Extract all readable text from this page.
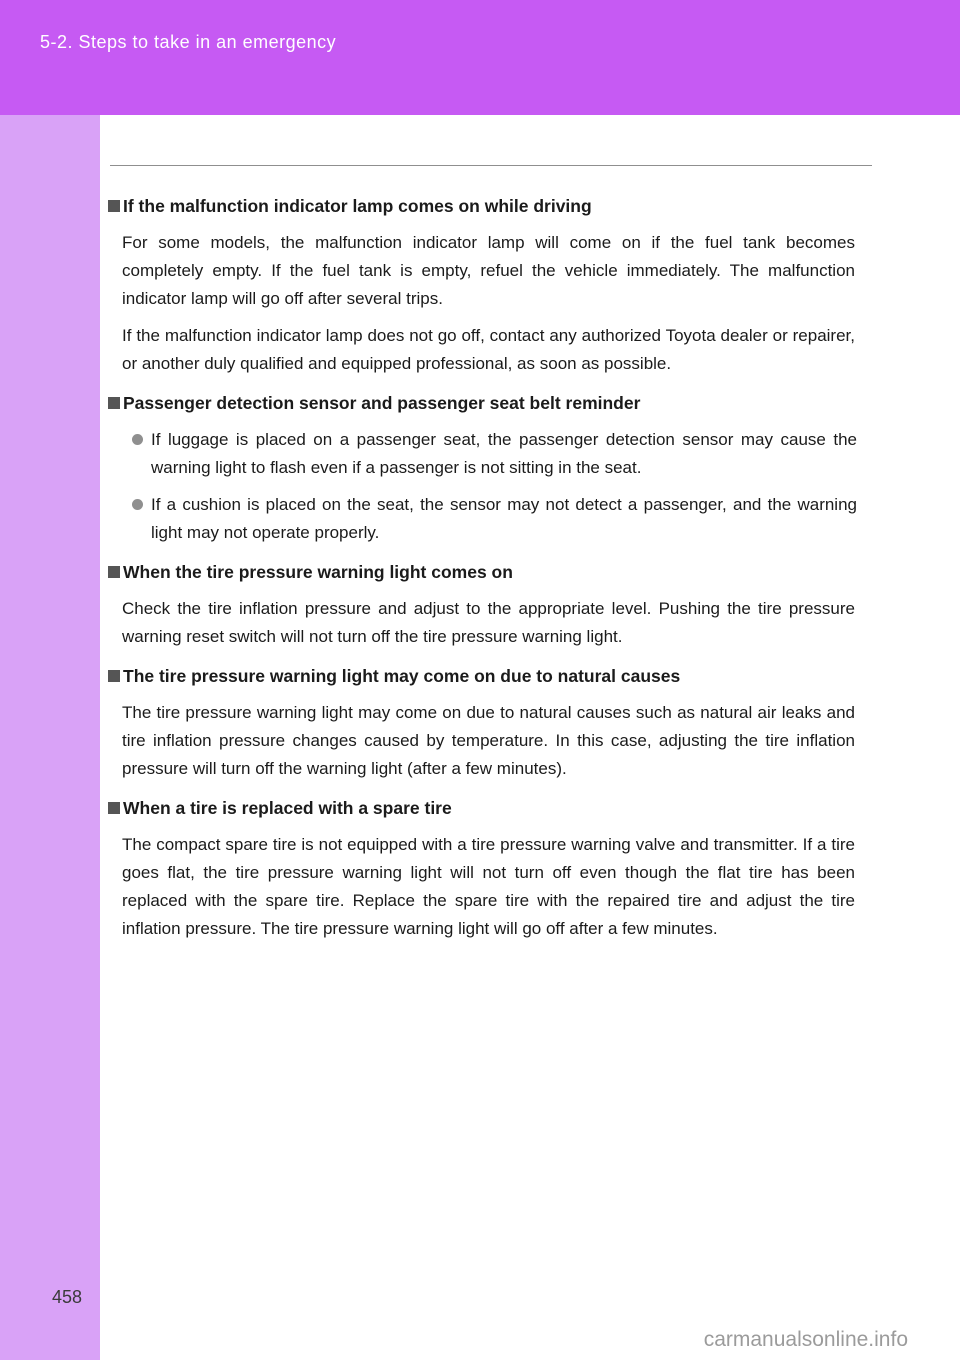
5-2. Steps to take in an emergency
458
If the malfunction indicator lamp comes on while driving

For some models, the malfunction indicator lamp will come on if the fuel tank becomes completely empty. If the fuel tank is empty, refuel the vehicle immediately. The malfunction indicator lamp will go off after several trips.

If the malfunction indicator lamp does not go off, contact any authorized Toyota dealer or repairer, or another duly qualified and equipped professional, as soon as possible.

Passenger detection sensor and passenger seat belt reminder

If luggage is placed on a passenger seat, the passenger detection sensor may cause the warning light to flash even if a passenger is not sitting in the seat.

If a cushion is placed on the seat, the sensor may not detect a passenger, and the warning light may not operate properly.

When the tire pressure warning light comes on

Check the tire inflation pressure and adjust to the appropriate level. Pushing the tire pressure warning reset switch will not turn off the tire pressure warning light.

The tire pressure warning light may come on due to natural causes

The tire pressure warning light may come on due to natural causes such as natural air leaks and tire inflation pressure changes caused by temperature. In this case, adjusting the tire inflation pressure will turn off the warning light (after a few minutes).

When a tire is replaced with a spare tire

The compact spare tire is not equipped with a tire pressure warning valve and transmitter. If a tire goes flat, the tire pressure warning light will not turn off even though the flat tire has been replaced with the spare tire. Replace the spare tire with the repaired tire and adjust the tire inflation pressure. The tire pressure warning light will go off after a few minutes.

carmanualsonline.info
